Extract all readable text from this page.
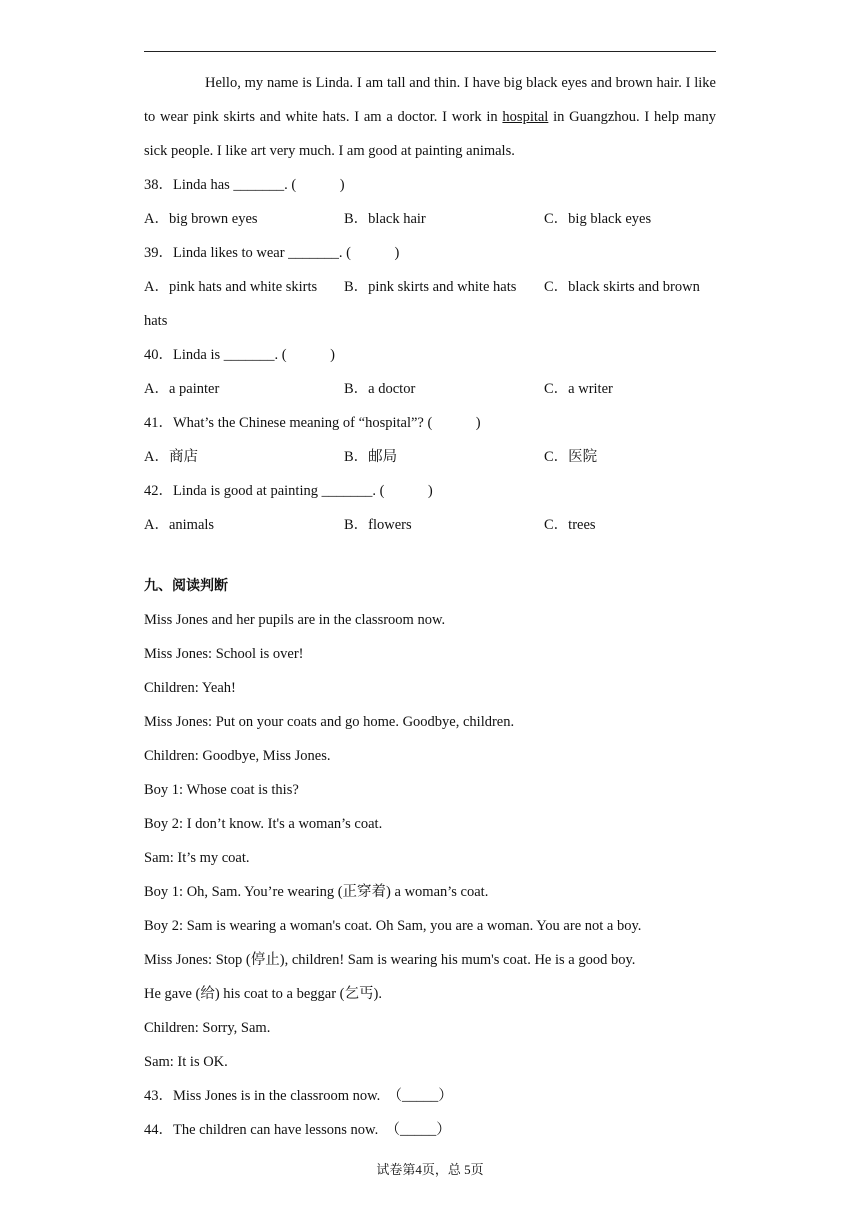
Hello, my name is Linda. I am tall and thin. I have big black eyes and brown hair. I like to wear pink skirts and white hats. I am a doctor. I work in hospital in Guangzhou. I help many sick people. I like art very much. I am good at painting animals.
38．Linda has _______. (　　　)
A．big brown eyes	B．black hair	C．big black eyes
39．Linda likes to wear _______. (　　　)
A．pink hats and white skirts B．pink skirts and white hats C．black skirts and brown
hats
40．Linda is _______. (　　　)
A．a painter	B．a doctor	C．a writer
41．What’s the Chinese meaning of “hospital”? (　　　)
A．商店	B．邮局	C．医院
42．Linda is good at painting _______. (　　　)
A．animals	B．flowers	C．trees
九、阅读判断
Miss Jones and her pupils are in the classroom now.
Miss Jones: School is over!
Children: Yeah!
Miss Jones: Put on your coats and go home. Goodbye, children.
Children: Goodbye, Miss Jones.
Boy 1: Whose coat is this?
Boy 2: I don’t know. It's a woman’s coat.
Sam: It’s my coat.
Boy 1: Oh, Sam. You’re wearing (正穿着) a woman’s coat.
Boy 2: Sam is wearing a woman's coat. Oh Sam, you are a woman. You are not a boy.
Miss Jones: Stop (停止), children! Sam is wearing his mum's coat. He is a good boy.
He gave (给) his coat to a beggar (乞丐).
Children: Sorry, Sam.
Sam: It is OK.
43．Miss Jones is in the classroom now.　（_____）
44．The children can have lessons now.　（_____）
试卷第4页，总 5页
